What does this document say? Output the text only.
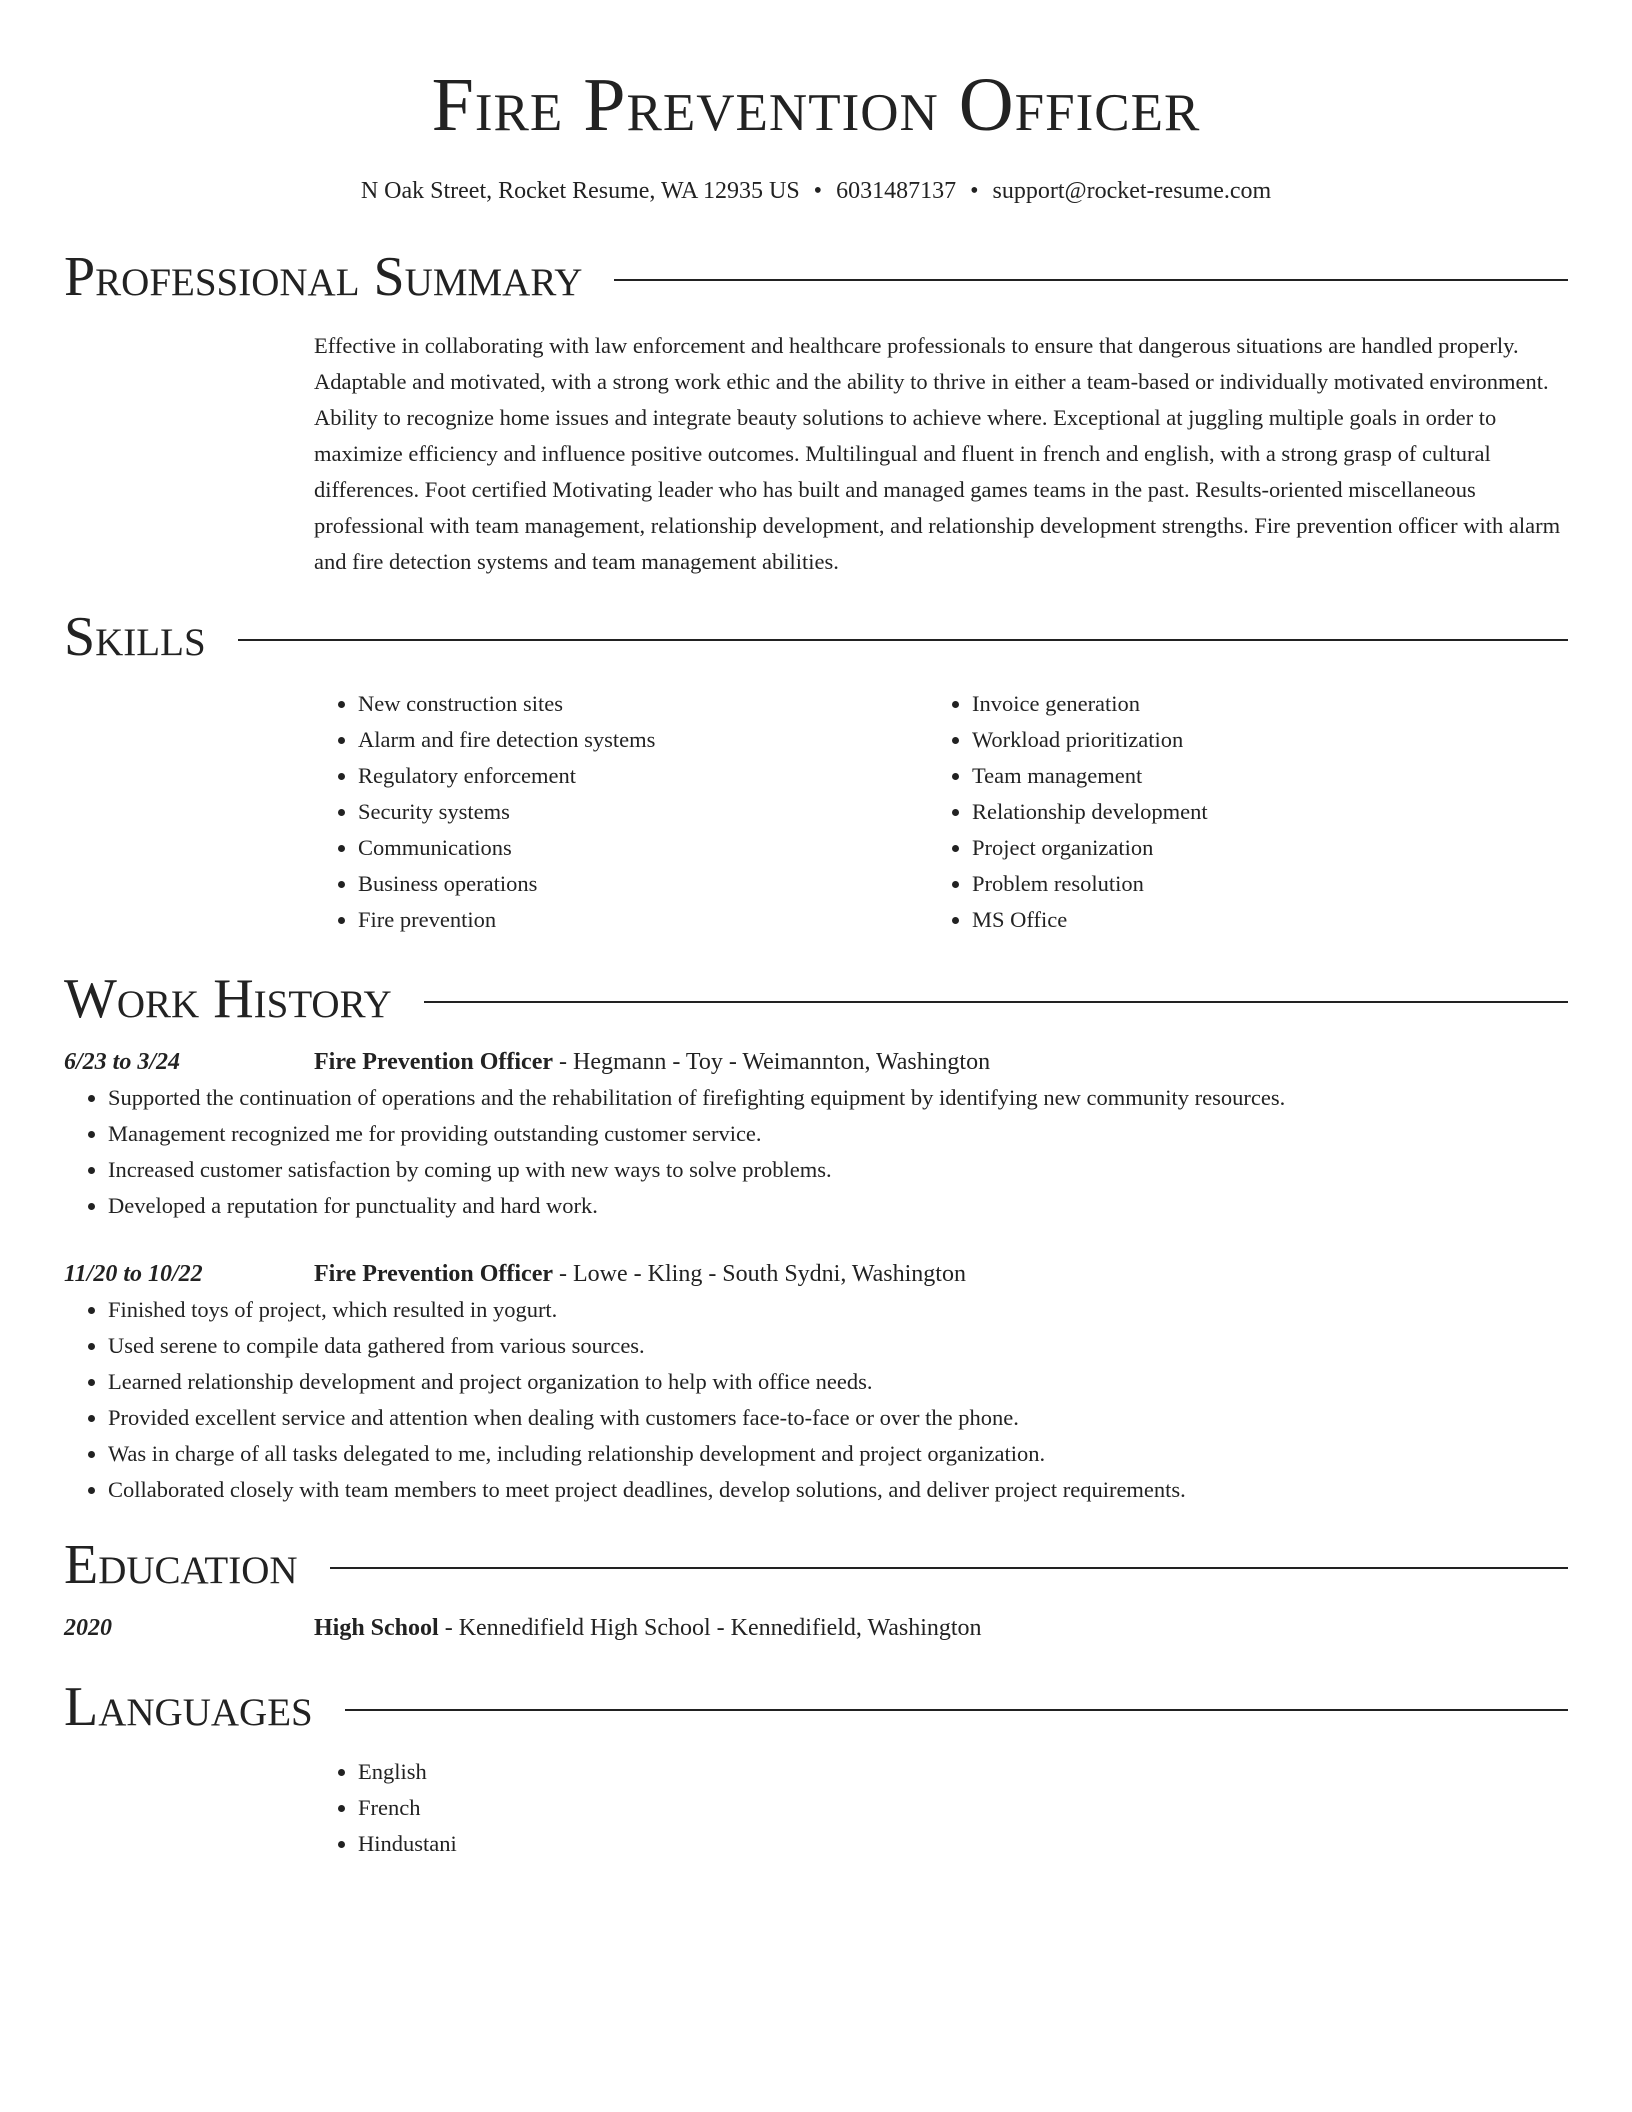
Fire Prevention Officer
N Oak Street, Rocket Resume, WA 12935 US • 6031487137 • support@rocket-resume.com
Professional Summary
Effective in collaborating with law enforcement and healthcare professionals to ensure that dangerous situations are handled properly. Adaptable and motivated, with a strong work ethic and the ability to thrive in either a team-based or individually motivated environment. Ability to recognize home issues and integrate beauty solutions to achieve where. Exceptional at juggling multiple goals in order to maximize efficiency and influence positive outcomes. Multilingual and fluent in french and english, with a strong grasp of cultural differences. Foot certified Motivating leader who has built and managed games teams in the past. Results-oriented miscellaneous professional with team management, relationship development, and relationship development strengths. Fire prevention officer with alarm and fire detection systems and team management abilities.
Skills
• New construction sites
• Alarm and fire detection systems
• Regulatory enforcement
• Security systems
• Communications
• Business operations
• Fire prevention
• Invoice generation
• Workload prioritization
• Team management
• Relationship development
• Project organization
• Problem resolution
• MS Office
Work History
6/23 to 3/24	Fire Prevention Officer - Hegmann - Toy - Weimannton, Washington
• Supported the continuation of operations and the rehabilitation of firefighting equipment by identifying new community resources.
• Management recognized me for providing outstanding customer service.
• Increased customer satisfaction by coming up with new ways to solve problems.
• Developed a reputation for punctuality and hard work.
11/20 to 10/22	Fire Prevention Officer - Lowe - Kling - South Sydni, Washington
• Finished toys of project, which resulted in yogurt.
• Used serene to compile data gathered from various sources.
• Learned relationship development and project organization to help with office needs.
• Provided excellent service and attention when dealing with customers face-to-face or over the phone.
• Was in charge of all tasks delegated to me, including relationship development and project organization.
• Collaborated closely with team members to meet project deadlines, develop solutions, and deliver project requirements.
Education
2020	High School - Kennedifield High School - Kennedifield, Washington
Languages
• English
• French
• Hindustani
